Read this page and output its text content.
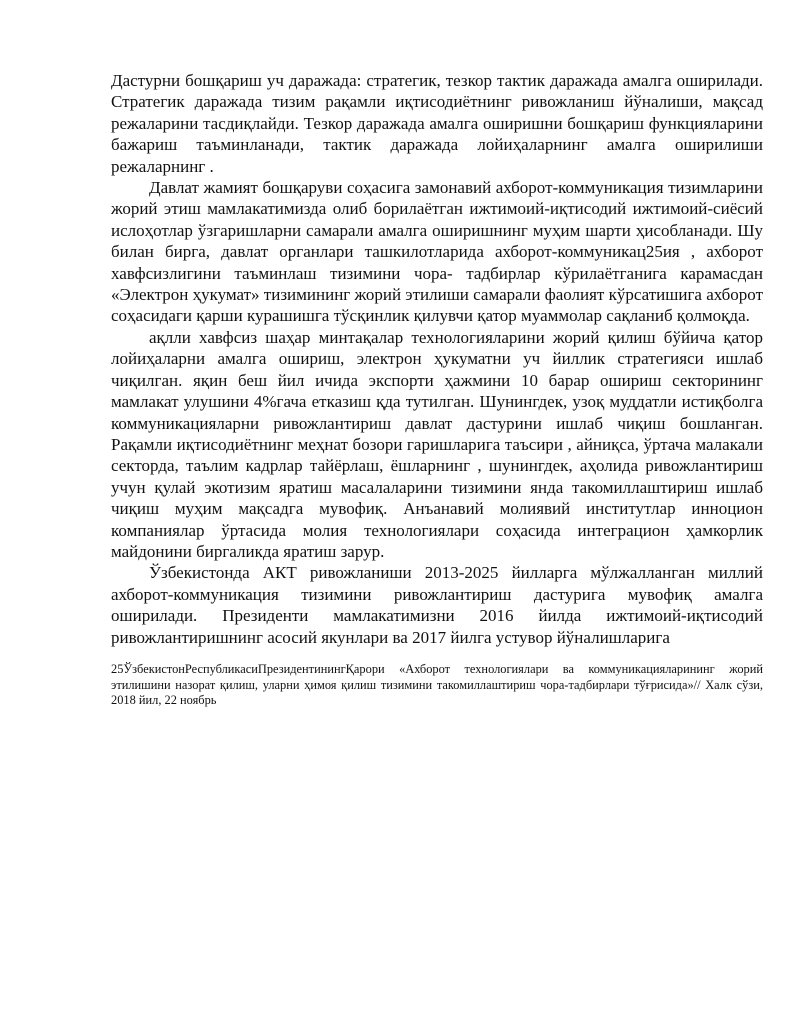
Дастурни бошқариш уч даражада: стратегик, тезкор тактик даражада амалга оширилади. Стратегик даражада тизим рақамли иқтисодиётнинг ривожланиш йўналиши, мақсад режаларини тасдиқлайди. Тезкор даражада амалга оширишни бошқариш функцияларини бажариш таъминланади, тактик даражада лойиҳаларнинг амалга оширилиши режаларнинг .

Давлат жамият бошқаруви соҳасига замонавий ахборот-коммуникация тизимларини жорий этиш мамлакатимизда олиб борилаётган ижтимоий-иқтисодий ижтимоий-сиёсий ислоҳотлар ўзгаришларни самарали амалга оширишнинг муҳим шарти ҳисобланади. Шу билан бирга, давлат органлари ташкилотларида ахборот-коммуникац25ия , ахборот хавфсизлигини таъминлаш тизимини чора- тадбирлар кўрилаётганига карамасдан «Электрон ҳукумат» тизимининг жорий этилиши самарали фаолият кўрсатишига ахборот соҳасидаги қарши курашишга тўсқинлик қилувчи қатор муаммолар сақланиб қолмоқда.

ақлли хавфсиз шаҳар минтақалар технологияларини жорий қилиш бўйича қатор лойиҳаларни амалга ошириш, электрон ҳукуматни уч йиллик стратегияси ишлаб чиқилган. яқин беш йил ичида экспорти ҳажмини 10 барар ошириш секторининг мамлакат улушини 4%гача етказиш қда тутилган. Шунингдек, узоқ муддатли истиқболга коммуникацияларни ривожлантириш давлат дастурини ишлаб чиқиш бошланган. Рақамли иқтисодиётнинг меҳнат бозори гаришларига таъсири , айниқса, ўртача малакали секторда, таълим кадрлар тайёрлаш, ёшларнинг , шунингдек, аҳолида ривожлантириш учун қулай экотизим яратиш масалаларини тизимини янда такомиллаштириш ишлаб чиқиш муҳим мақсадга мувофиқ. Анъанавий молиявий институтлар инноцион компаниялар ўртасида молия технологиялари соҳасида интеграцион ҳамкорлик майдонини биргаликда яратиш зарур.

Ўзбекистонда АКТ ривожланиши 2013-2025 йилларга мўлжалланган миллий ахборот-коммуникация тизимини ривожлантириш дастурига мувофиқ амалга оширилади. Президенти мамлакатимизни 2016 йилда ижтимоий-иқтисодий ривожлантиришнинг асосий якунлари ва 2017 йилга устувор йўналишларига

25ЎзбекистонРеспубликасиПрезидентинингҚарори «Ахборот технологиялари ва коммуникацияларининг жорий этилишини назорат қилиш, уларни ҳимоя қилиш тизимини такомиллаштириш чора-тадбирлари тўғрисида»// Халк сўзи, 2018 йил, 22 ноябрь
